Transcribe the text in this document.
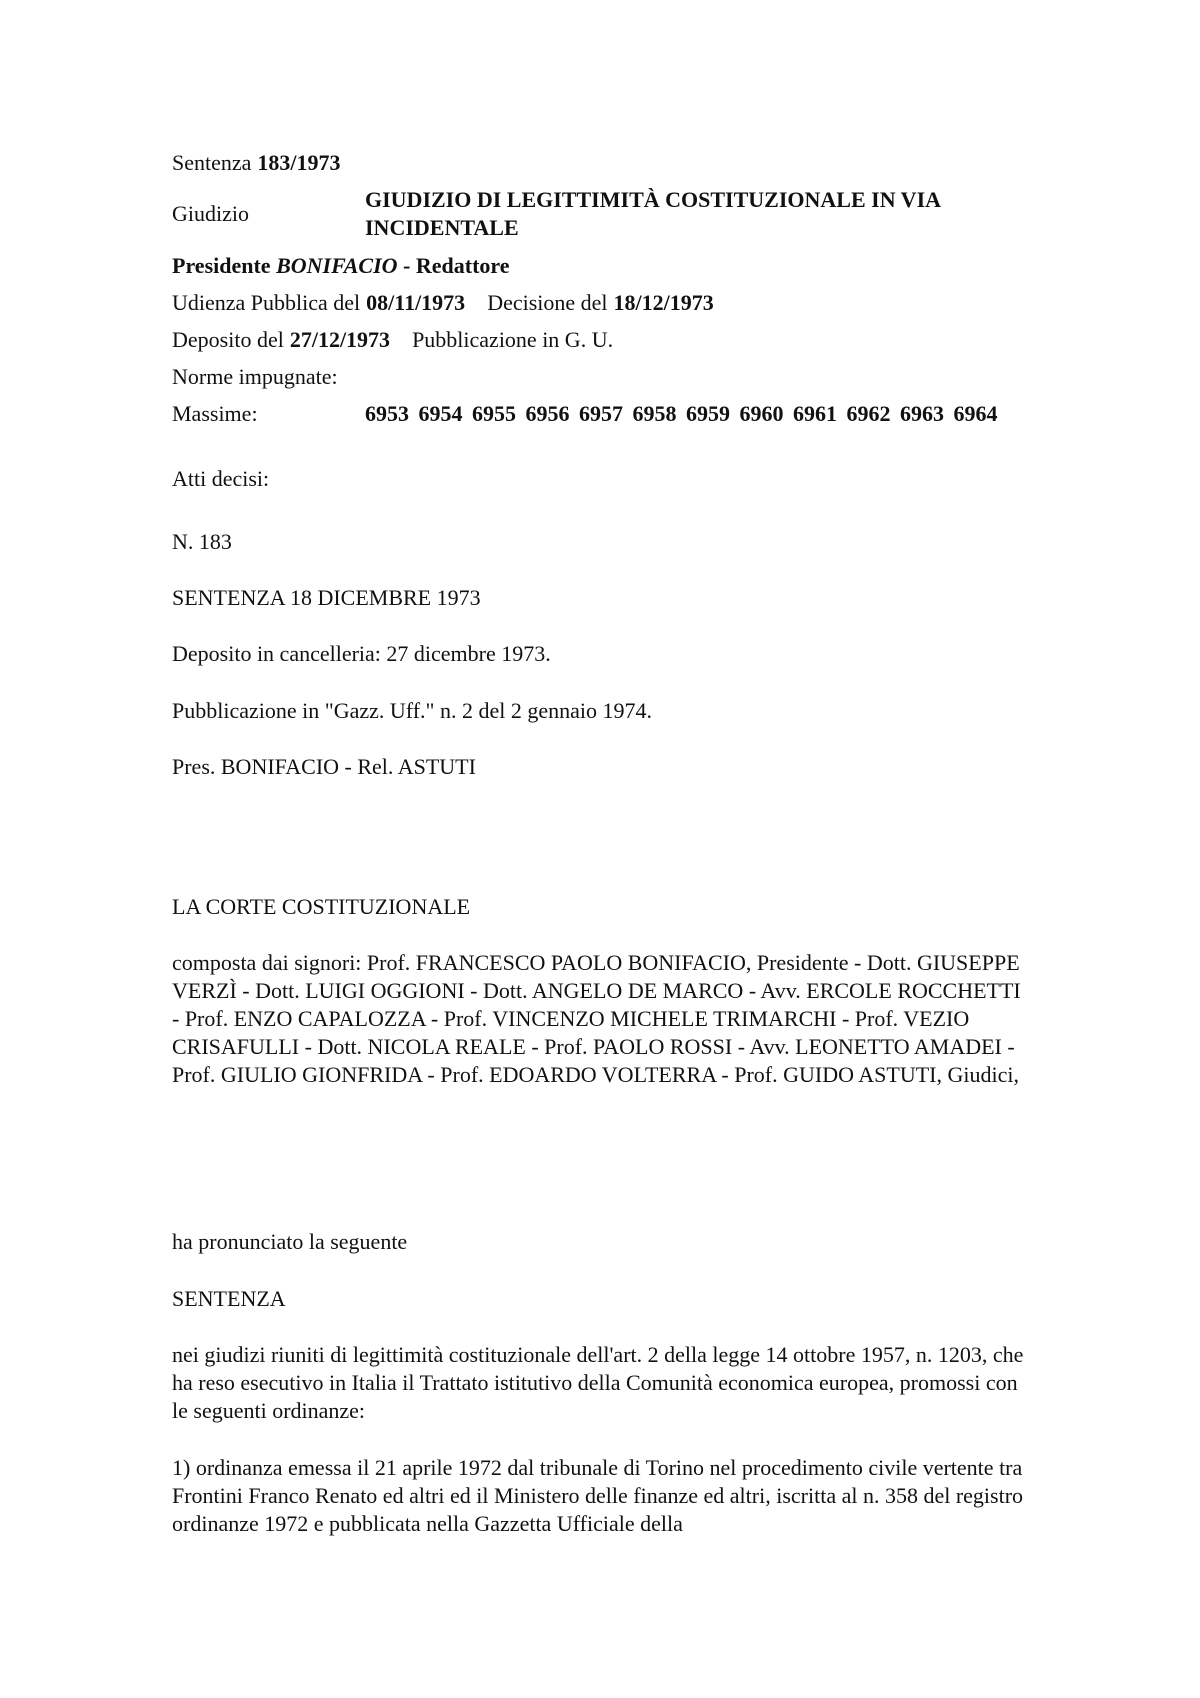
Sentenza 183/1973
Giudizio
GIUDIZIO DI LEGITTIMITÀ COSTITUZIONALE IN VIA INCIDENTALE
Presidente BONIFACIO - Redattore
Udienza Pubblica del 08/11/1973 Decisione del 18/12/1973
Deposito del 27/12/1973 Pubblicazione in G. U.
Norme impugnate:
Massime:	6953 6954 6955 6956 6957 6958 6959 6960 6961 6962 6963 6964
Atti decisi:
N. 183
SENTENZA 18 DICEMBRE 1973
Deposito in cancelleria: 27 dicembre 1973.
Pubblicazione in "Gazz. Uff." n. 2 del 2 gennaio 1974.
Pres. BONIFACIO - Rel. ASTUTI
LA CORTE COSTITUZIONALE
composta dai signori: Prof. FRANCESCO PAOLO BONIFACIO, Presidente - Dott. GIUSEPPE VERZÌ - Dott. LUIGI OGGIONI - Dott. ANGELO DE MARCO - Avv. ERCOLE ROCCHETTI - Prof. ENZO CAPALOZZA - Prof. VINCENZO MICHELE TRIMARCHI - Prof. VEZIO CRISAFULLI - Dott. NICOLA REALE - Prof. PAOLO ROSSI - Avv. LEONETTO AMADEI - Prof. GIULIO GIONFRIDA - Prof. EDOARDO VOLTERRA - Prof. GUIDO ASTUTI, Giudici,
ha pronunciato la seguente
SENTENZA
nei giudizi riuniti di legittimità costituzionale dell'art. 2 della legge 14 ottobre 1957, n. 1203, che ha reso esecutivo in Italia il Trattato istitutivo della Comunità economica europea, promossi con le seguenti ordinanze:
1) ordinanza emessa il 21 aprile 1972 dal tribunale di Torino nel procedimento civile vertente tra Frontini Franco Renato ed altri ed il Ministero delle finanze ed altri, iscritta al n. 358 del registro ordinanze 1972 e pubblicata nella Gazzetta Ufficiale della
